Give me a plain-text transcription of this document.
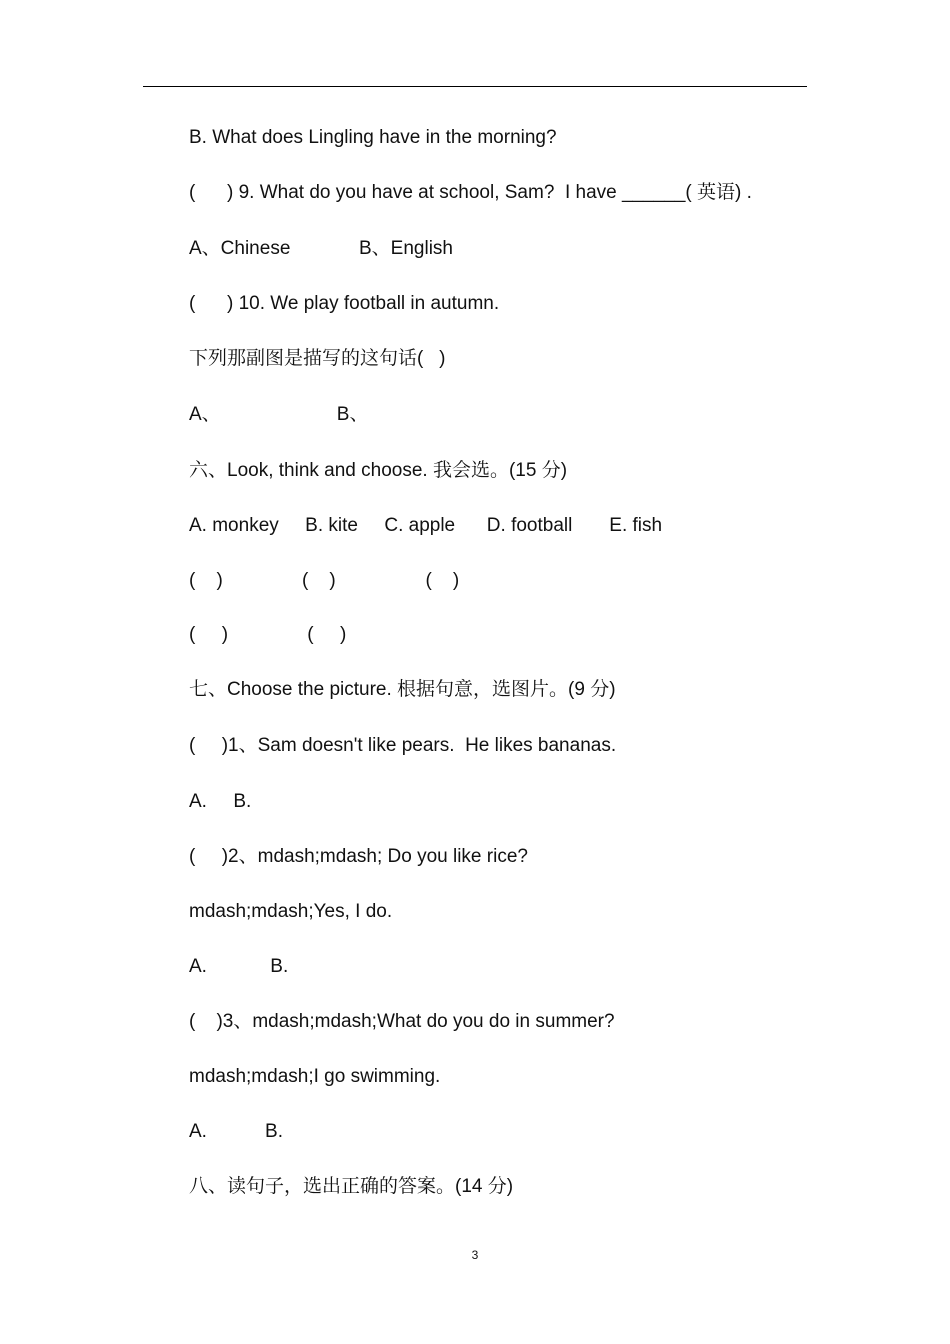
B. What does Lingling have in the morning?
(      ) 9. What do you have at school, Sam?  I have ______( 英语) .
A、Chinese             B、English
(      ) 10. We play football in autumn.
下列那副图是描写的这句话(   )
A、                      B、
六、Look, think and choose. 我会选。(15 分)
A. monkey     B. kite     C. apple      D. football       E. fish
(    )               (    )                 (    )
(     )               (     )
七、Choose the picture. 根据句意，选图片。(9 分)
(     )1、Sam doesn't like pears.  He likes bananas.
A.     B.
(     )2、mdash;mdash; Do you like rice?
mdash;mdash;Yes, I do.
A.            B.
(    )3、mdash;mdash;What do you do in summer?
mdash;mdash;I go swimming.
A.           B.
八、读句子，选出正确的答案。(14 分)
3
